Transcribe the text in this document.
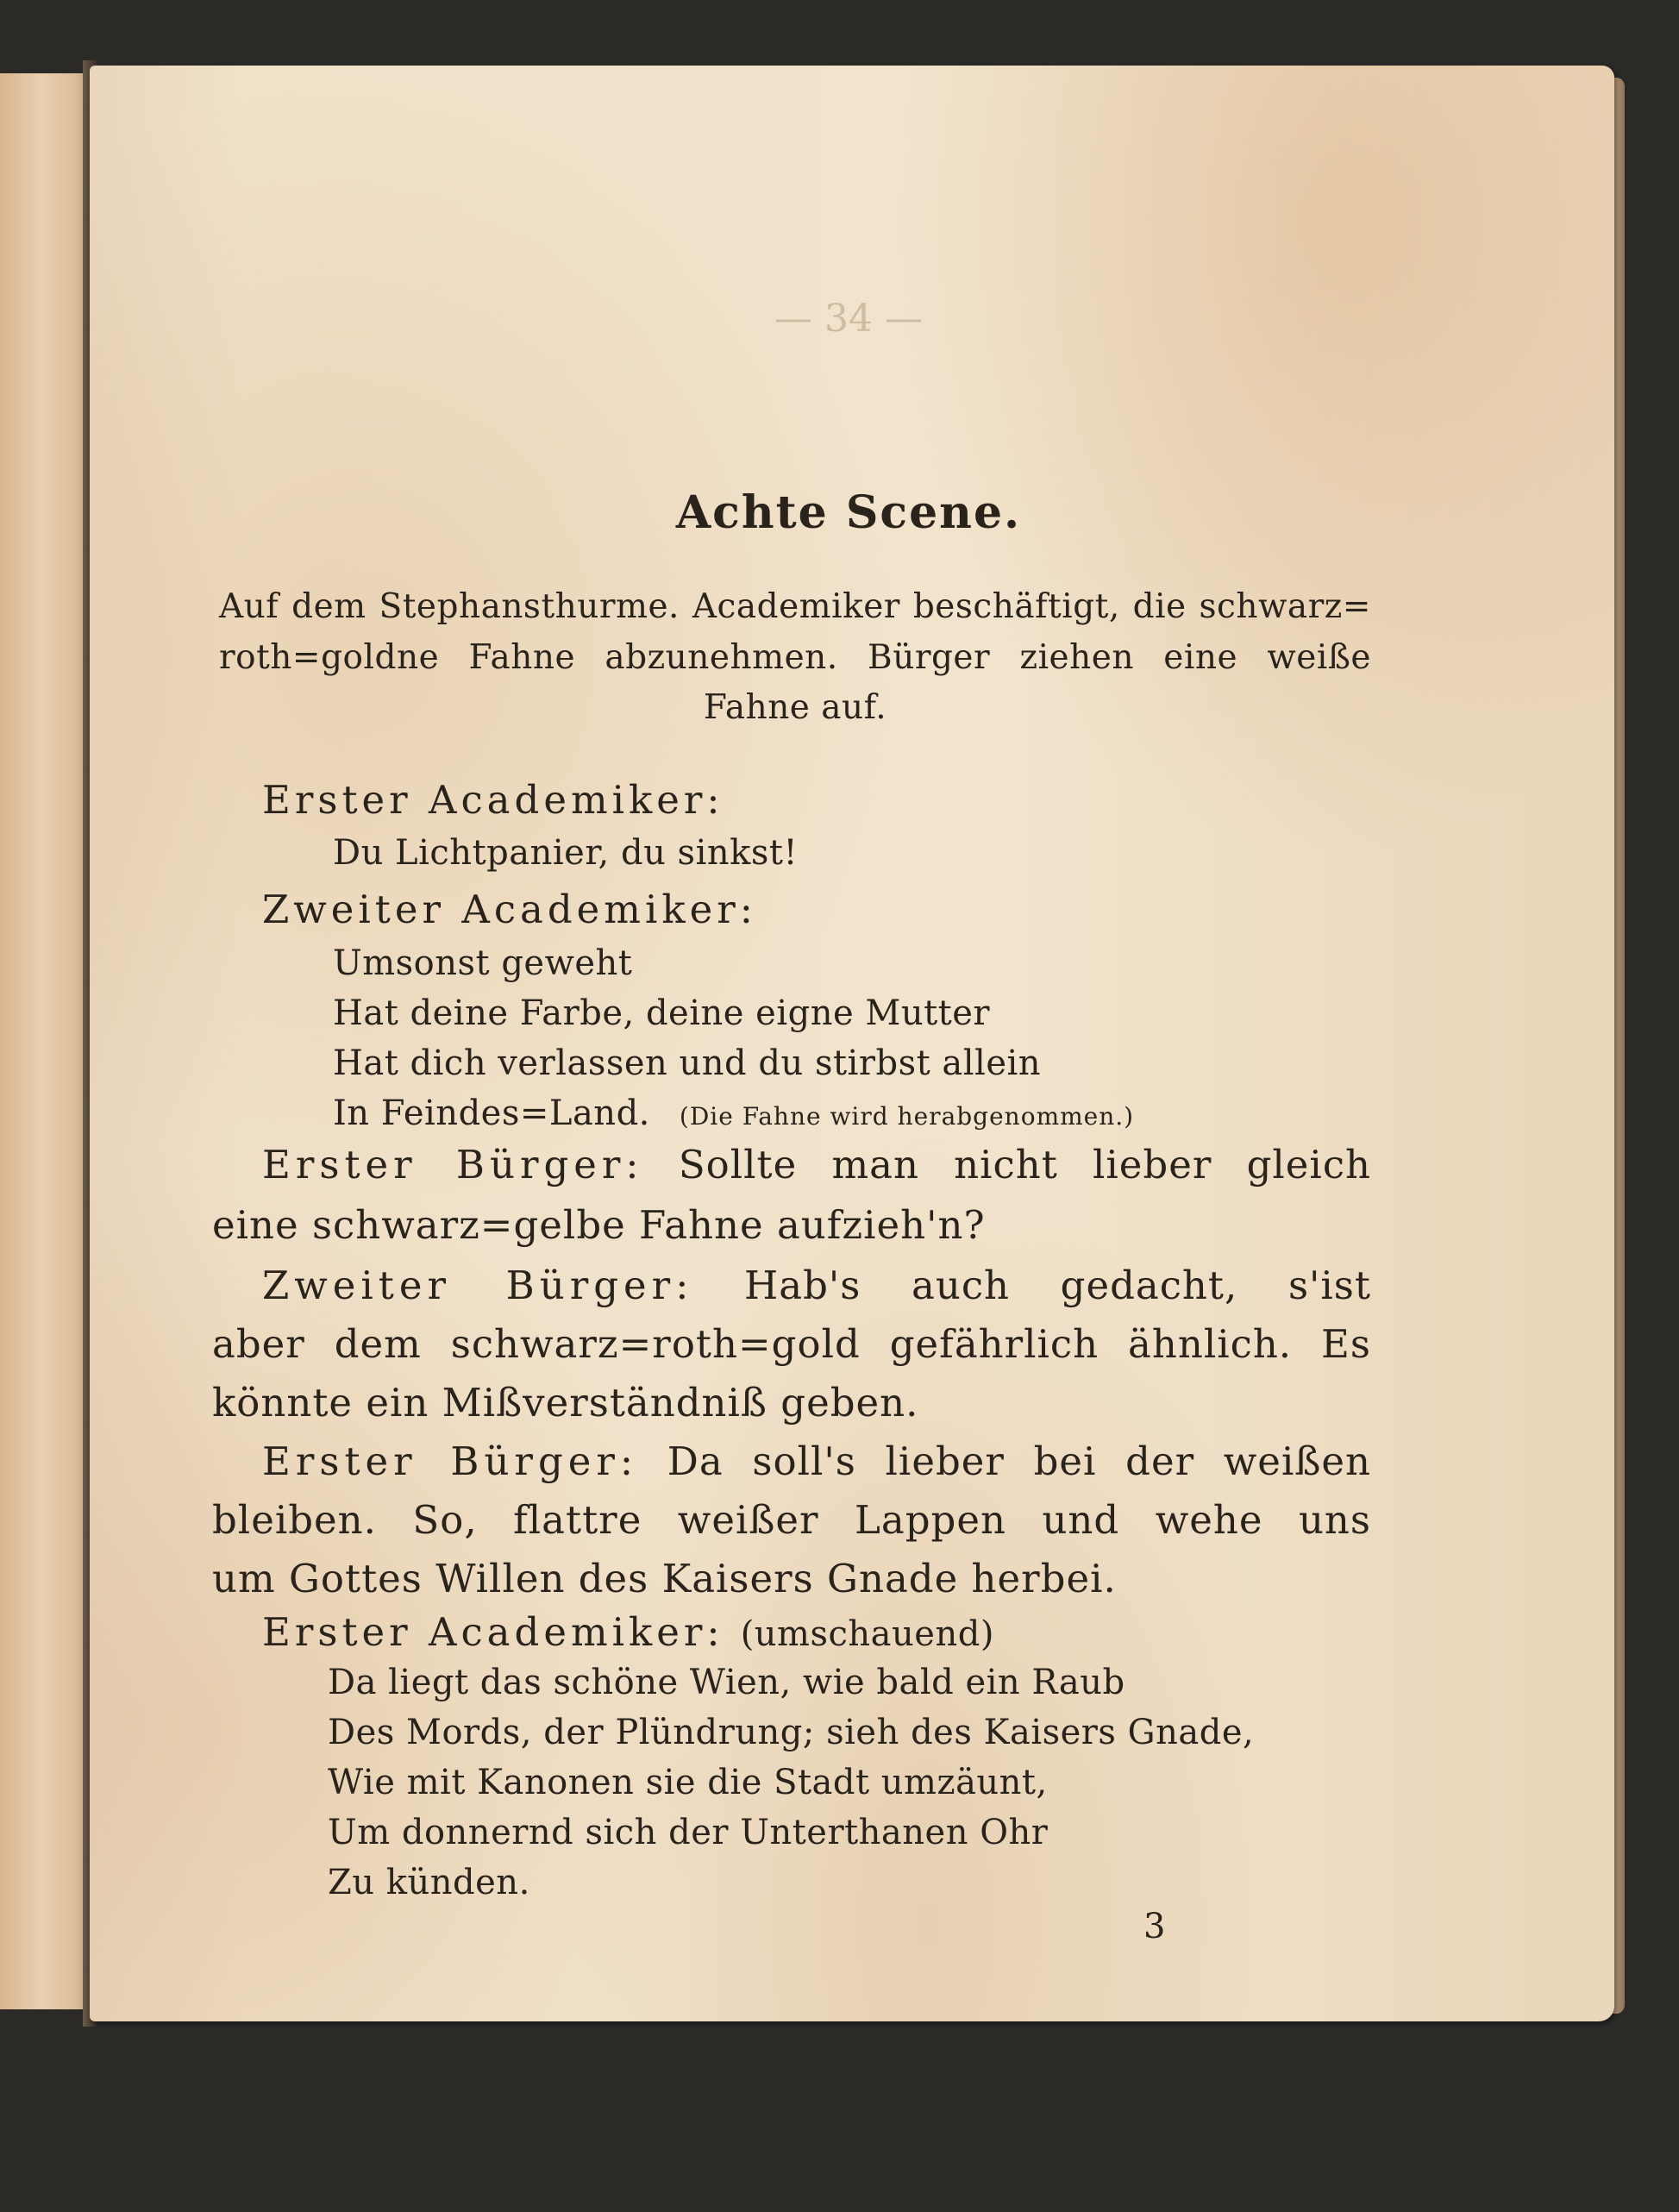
— 34 —
Achte Scene.
Auf dem Stephansthurme. Academiker beschäftigt, die schwarz=
roth=goldne Fahne abzunehmen. Bürger ziehen eine weiße
Fahne auf.
Erster Academiker:
Du Lichtpanier, du sinkst!
Zweiter Academiker:
Umsonst geweht
Hat deine Farbe, deine eigne Mutter
Hat dich verlassen und du stirbst allein
In Feindes=Land. (Die Fahne wird herabgenommen.)
Erster Bürger: Sollte man nicht lieber gleich
eine schwarz=gelbe Fahne aufzieh'n?
Zweiter Bürger: Hab's auch gedacht, s'ist
aber dem schwarz=roth=gold gefährlich ähnlich. Es
könnte ein Mißverständniß geben.
Erster Bürger: Da soll's lieber bei der weißen
bleiben. So, flattre weißer Lappen und wehe uns
um Gottes Willen des Kaisers Gnade herbei.
Erster Academiker: (umschauend)
Da liegt das schöne Wien, wie bald ein Raub
Des Mords, der Plündrung; sieh des Kaisers Gnade,
Wie mit Kanonen sie die Stadt umzäunt,
Um donnernd sich der Unterthanen Ohr
Zu künden.
3
